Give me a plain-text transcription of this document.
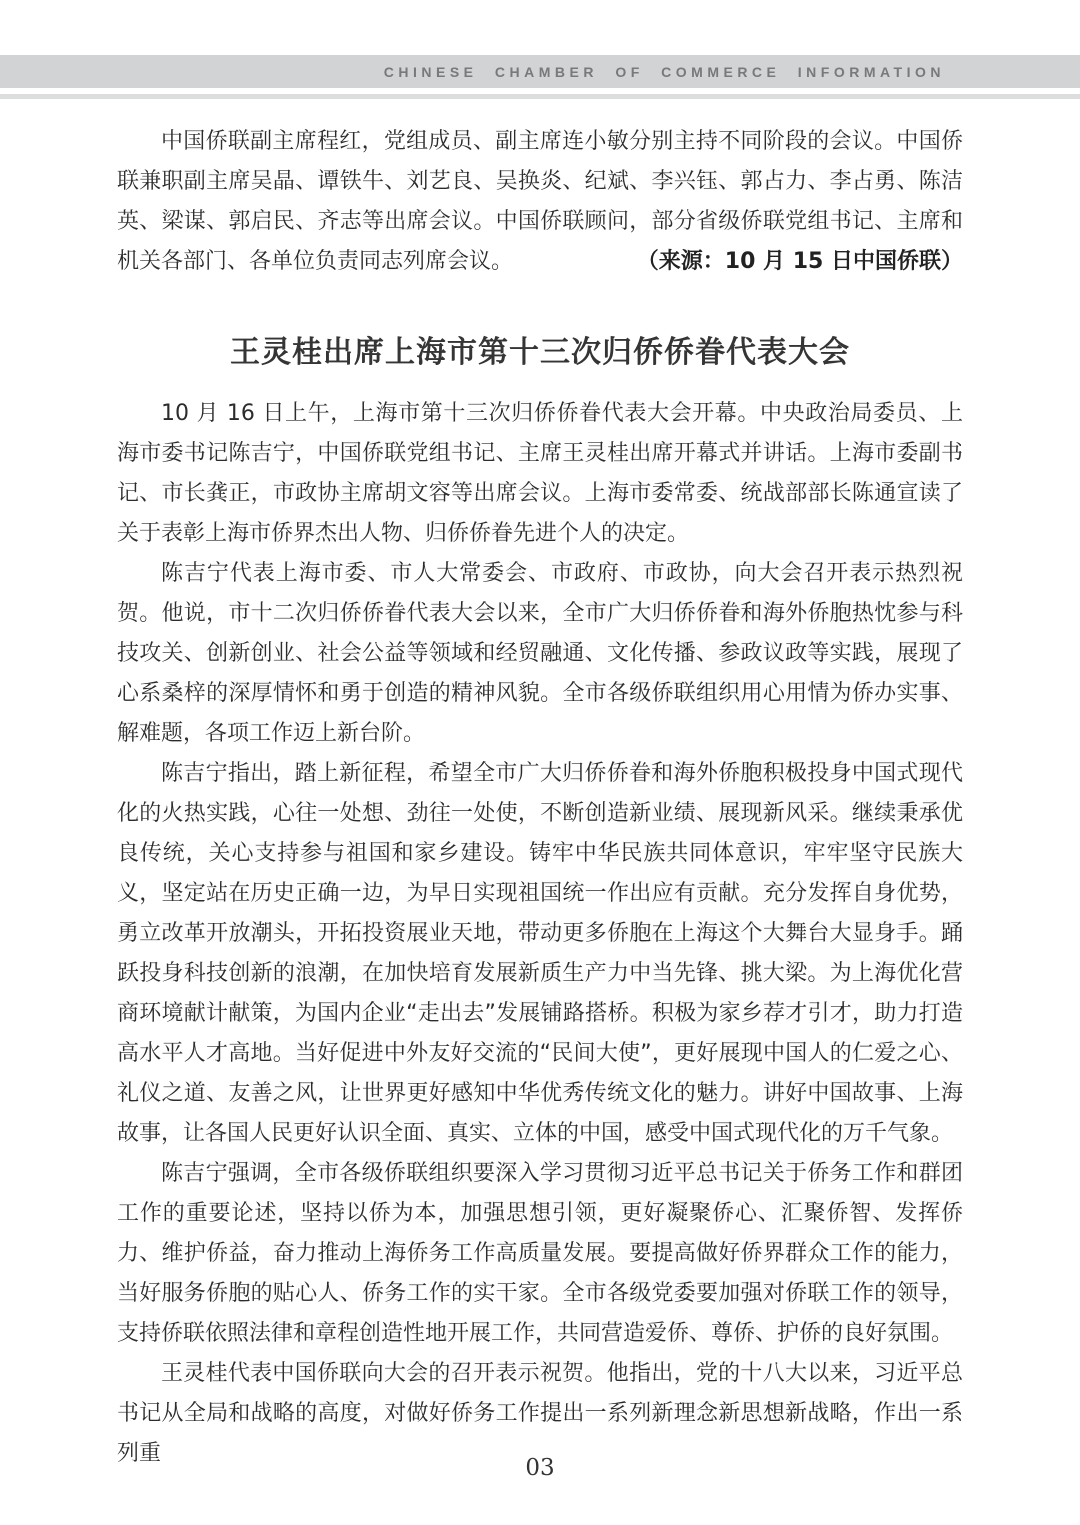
CHINESE CHAMBER OF COMMERCE INFORMATION

中国侨联副主席程红，党组成员、副主席连小敏分别主持不同阶段的会议。中国侨联兼职副主席吴晶、谭铁牛、刘艺良、吴换炎、纪斌、李兴钰、郭占力、李占勇、陈洁英、梁谋、郭启民、齐志等出席会议。中国侨联顾问，部分省级侨联党组书记、主席和机关各部门、各单位负责同志列席会议。	（来源：10 月 15 日中国侨联）

王灵桂出席上海市第十三次归侨侨眷代表大会

10 月 16 日上午，上海市第十三次归侨侨眷代表大会开幕。中央政治局委员、上海市委书记陈吉宁，中国侨联党组书记、主席王灵桂出席开幕式并讲话。上海市委副书记、市长龚正，市政协主席胡文容等出席会议。上海市委常委、统战部部长陈通宣读了关于表彰上海市侨界杰出人物、归侨侨眷先进个人的决定。

陈吉宁代表上海市委、市人大常委会、市政府、市政协，向大会召开表示热烈祝贺。他说，市十二次归侨侨眷代表大会以来，全市广大归侨侨眷和海外侨胞热忱参与科技攻关、创新创业、社会公益等领域和经贸融通、文化传播、参政议政等实践，展现了心系桑梓的深厚情怀和勇于创造的精神风貌。全市各级侨联组织用心用情为侨办实事、解难题，各项工作迈上新台阶。

陈吉宁指出，踏上新征程，希望全市广大归侨侨眷和海外侨胞积极投身中国式现代化的火热实践，心往一处想、劲往一处使，不断创造新业绩、展现新风采。继续秉承优良传统，关心支持参与祖国和家乡建设。铸牢中华民族共同体意识，牢牢坚守民族大义，坚定站在历史正确一边，为早日实现祖国统一作出应有贡献。充分发挥自身优势，勇立改革开放潮头，开拓投资展业天地，带动更多侨胞在上海这个大舞台大显身手。踊跃投身科技创新的浪潮，在加快培育发展新质生产力中当先锋、挑大梁。为上海优化营商环境献计献策，为国内企业“走出去”发展铺路搭桥。积极为家乡荐才引才，助力打造高水平人才高地。当好促进中外友好交流的“民间大使”，更好展现中国人的仁爱之心、礼仪之道、友善之风，让世界更好感知中华优秀传统文化的魅力。讲好中国故事、上海故事，让各国人民更好认识全面、真实、立体的中国，感受中国式现代化的万千气象。

陈吉宁强调，全市各级侨联组织要深入学习贯彻习近平总书记关于侨务工作和群团工作的重要论述，坚持以侨为本，加强思想引领，更好凝聚侨心、汇聚侨智、发挥侨力、维护侨益，奋力推动上海侨务工作高质量发展。要提高做好侨界群众工作的能力，当好服务侨胞的贴心人、侨务工作的实干家。全市各级党委要加强对侨联工作的领导，支持侨联依照法律和章程创造性地开展工作，共同营造爱侨、尊侨、护侨的良好氛围。

王灵桂代表中国侨联向大会的召开表示祝贺。他指出，党的十八大以来，习近平总书记从全局和战略的高度，对做好侨务工作提出一系列新理念新思想新战略，作出一系列重

03
